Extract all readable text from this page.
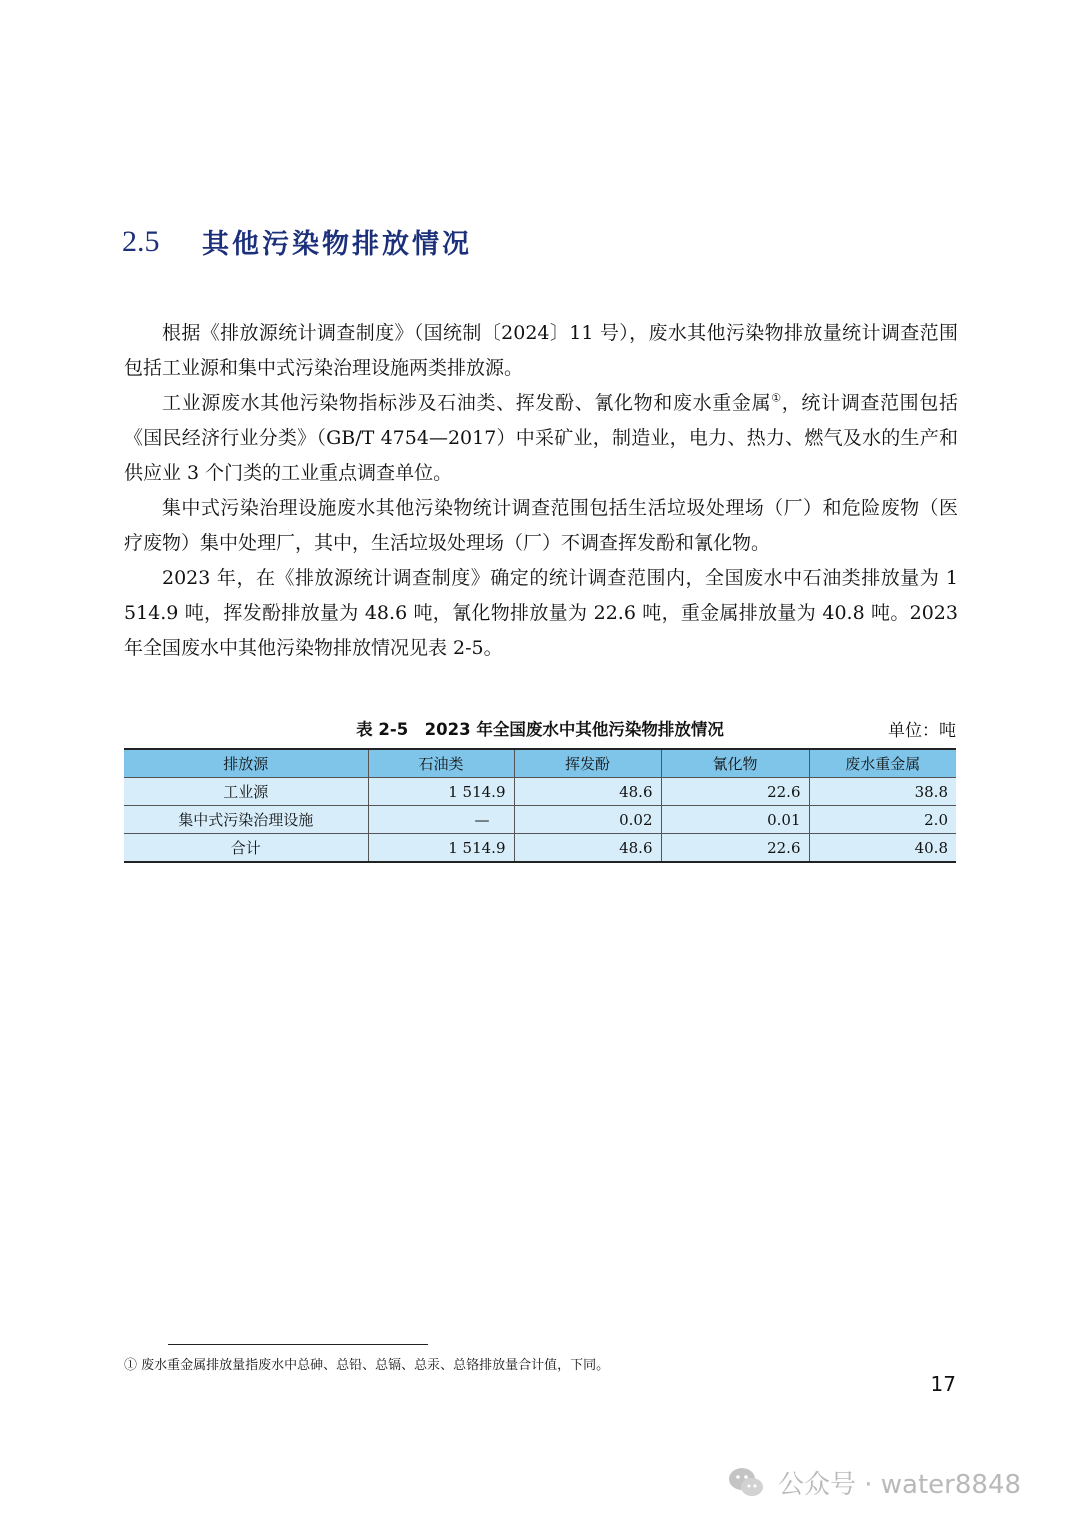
2.5	其他污染物排放情况

根据《排放源统计调查制度》（国统制〔2024〕11 号），废水其他污染物排放量统计调查范围包括工业源和集中式污染治理设施两类排放源。

工业源废水其他污染物指标涉及石油类、挥发酚、氰化物和废水重金属①，统计调查范围包括《国民经济行业分类》（GB/T 4754—2017）中采矿业，制造业，电力、热力、燃气及水的生产和供应业 3 个门类的工业重点调查单位。

集中式污染治理设施废水其他污染物统计调查范围包括生活垃圾处理场（厂）和危险废物（医疗废物）集中处理厂，其中，生活垃圾处理场（厂）不调查挥发酚和氰化物。

2023 年，在《排放源统计调查制度》确定的统计调查范围内，全国废水中石油类排放量为 1 514.9 吨，挥发酚排放量为 48.6 吨，氰化物排放量为 22.6 吨，重金属排放量为 40.8 吨。2023 年全国废水中其他污染物排放情况见表 2-5。

表 2-5　2023 年全国废水中其他污染物排放情况	单位：吨
排放源	石油类	挥发酚	氰化物	废水重金属
工业源	1 514.9	48.6	22.6	38.8
集中式污染治理设施	—	0.02	0.01	2.0
合计	1 514.9	48.6	22.6	40.8
① 废水重金属排放量指废水中总砷、总铅、总镉、总汞、总铬排放量合计值，下同。
17
公众号 · water8848
